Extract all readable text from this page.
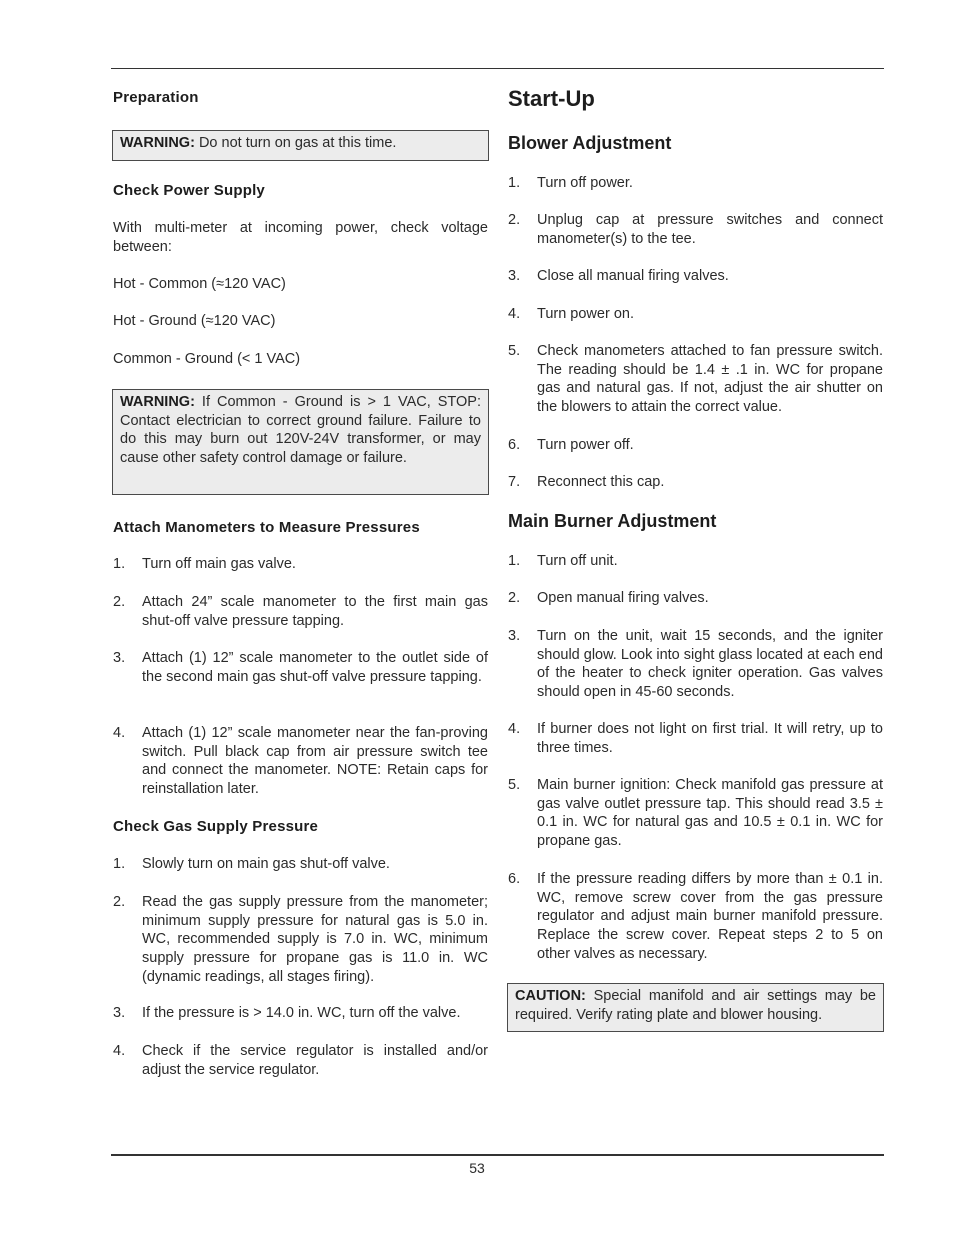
Preparation
WARNING: Do not turn on gas at this time.
Check Power Supply
With multi-meter at incoming power, check voltage between:
Hot - Common (≈120 VAC)
Hot - Ground (≈120 VAC)
Common - Ground (< 1 VAC)
WARNING: If Common - Ground is > 1 VAC, STOP: Contact electrician to correct ground failure. Failure to do this may burn out 120V-24V transformer, or may cause other safety control damage or failure.
Attach Manometers to Measure Pressures
1. Turn off main gas valve.
2. Attach 24” scale manometer to the first main gas shut-off valve pressure tapping.
3. Attach (1) 12” scale manometer to the outlet side of the second main gas shut-off valve pressure tapping.
4. Attach (1) 12” scale manometer near the fan-proving switch. Pull black cap from air pressure switch tee and connect the manometer. NOTE: Retain caps for reinstallation later.
Check Gas Supply Pressure
1. Slowly turn on main gas shut-off valve.
2. Read the gas supply pressure from the manometer; minimum supply pressure for natural gas is 5.0 in. WC, recommended supply is 7.0 in. WC, minimum supply pressure for propane gas is 11.0 in. WC (dynamic readings, all stages firing).
3. If the pressure is > 14.0 in. WC, turn off the valve.
4. Check if the service regulator is installed and/or adjust the service regulator.
Start-Up
Blower Adjustment
1. Turn off power.
2. Unplug cap at pressure switches and connect manometer(s) to the tee.
3. Close all manual firing valves.
4. Turn power on.
5. Check manometers attached to fan pressure switch. The reading should be 1.4 ± .1 in. WC for propane gas and natural gas. If not, adjust the air shutter on the blowers to attain the correct value.
6. Turn power off.
7. Reconnect this cap.
Main Burner Adjustment
1. Turn off unit.
2. Open manual firing valves.
3. Turn on the unit, wait 15 seconds, and the igniter should glow. Look into sight glass located at each end of the heater to check igniter operation. Gas valves should open in 45-60 seconds.
4. If burner does not light on first trial. It will retry, up to three times.
5. Main burner ignition: Check manifold gas pressure at gas valve outlet pressure tap. This should read 3.5 ± 0.1 in. WC for natural gas and 10.5 ± 0.1 in. WC for propane gas.
6. If the pressure reading differs by more than ± 0.1 in. WC, remove screw cover from the gas pressure regulator and adjust main burner manifold pressure. Replace the screw cover. Repeat steps 2 to 5 on other valves as necessary.
CAUTION: Special manifold and air settings may be required. Verify rating plate and blower housing.
53
